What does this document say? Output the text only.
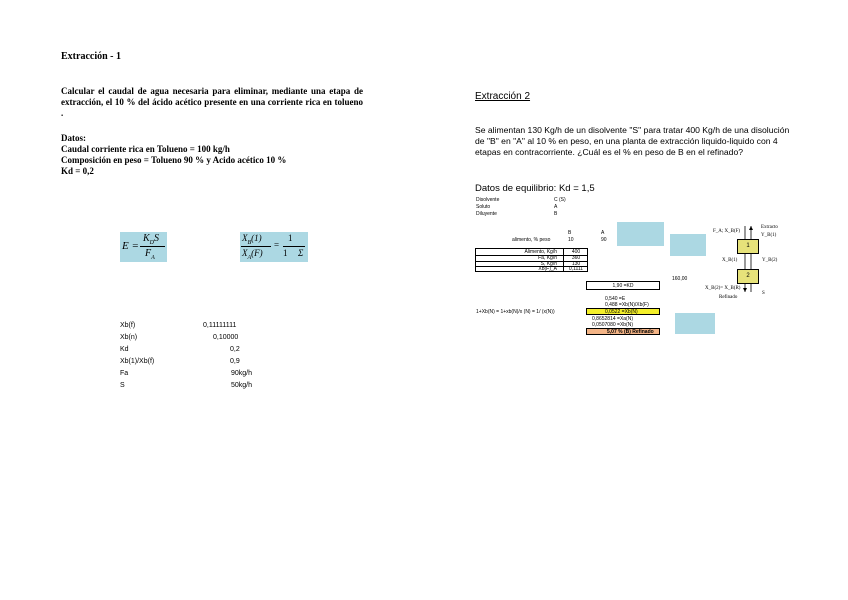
Extracción - 1
Calcular el caudal de agua necesaria para eliminar, mediante una etapa de extracción, el 10 % del ácido acético presente en una corriente rica en tolueno .
Datos:
Caudal corriente rica en Tolueno = 100 kg/h
Composición en peso = Tolueno 90 % y Acido acético 10 %
Kd = 0,2
E =
$K_DS$
$F_A$
$X_B(1)$
$X_A(F)$
=
1
1 Σ
Xb(f)	0,11111111
Xb(n)	0,10000
Kd	0,2
Xb(1)/Xb(f)	0,9
Fa	90kg/h
S	50kg/h
Extracción 2
Se alimentan 130 Kg/h de un disolvente "S" para tratar 400 Kg/h de una disolución de "B" en "A" al 10 % en peso, en una planta de extracción liquido-liquido con 4 etapas en contracorriente. ¿Cuál es el % en peso de B en el refinado?
Datos de equilibrio: Kd = 1,5
Disolvente	C (S)
Soluto	A
Diluyente	B
B	A
alimento, % peso	10	90
Alimento, Kg/h	400
Fa, Kg/h	360
S, Kg/h	130
Xb(F)_A	0,1111
1,90 =KD
160,00
0,540 =E
0,488 =Xb(N)/Xb(F)
0,0522 =Xb(N)
0,8652814 =Xa(N)
0,0507080 =Xb(N)
5,07 % (B) Refinado
1+Xb(N) = 1+xb(N)/x (N) = 1/ (x(N))
1
2
F_A; X_B(F)
Extracto
Y_B(1)
X_B(1)	Y_B(2)
X_B(2)= X_B(R)
S
Refinado
